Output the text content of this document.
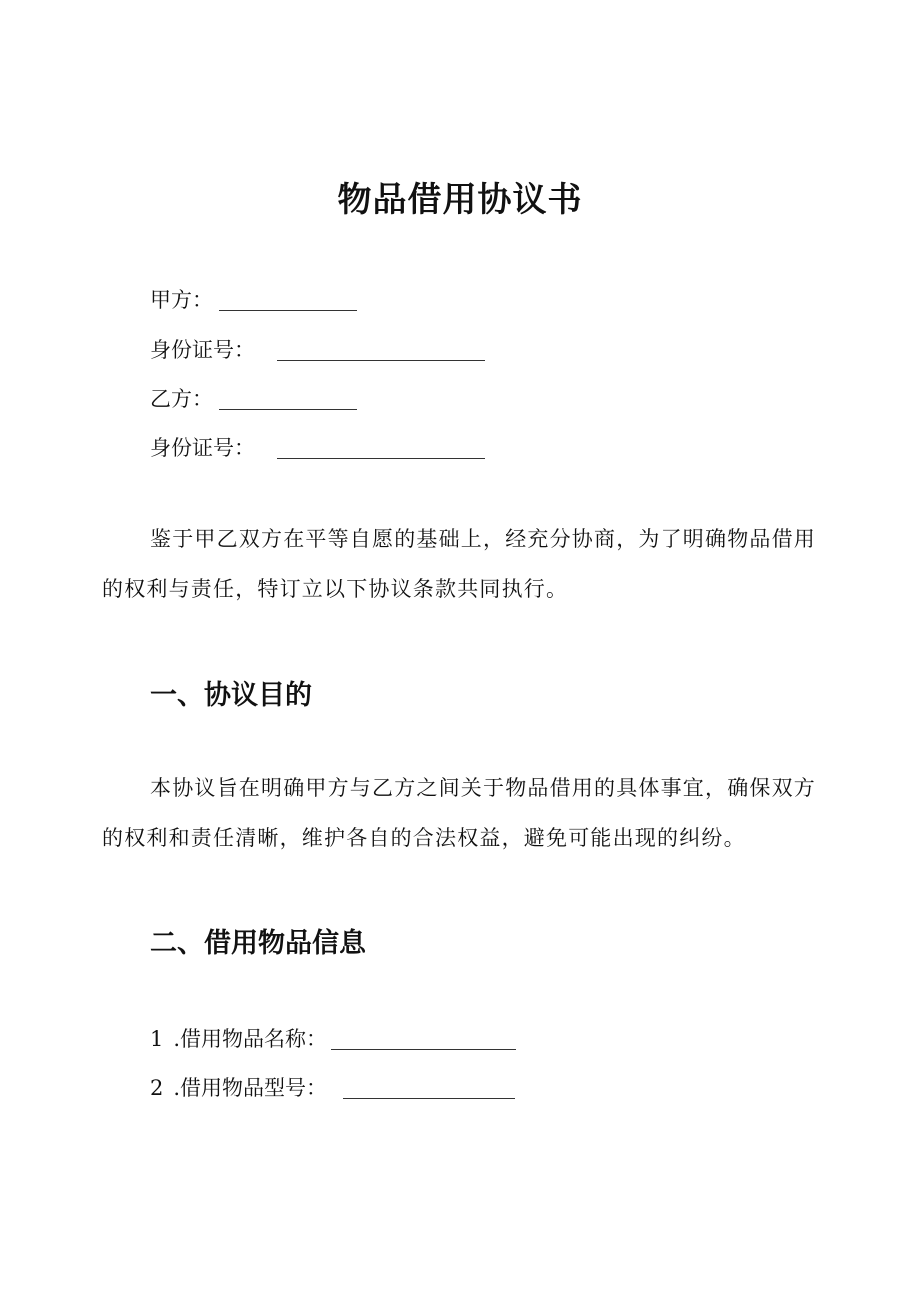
物品借用协议书
甲方：
身份证号：
乙方：
身份证号：

鉴于甲乙双方在平等自愿的基础上，经充分协商，为了明确物品借用的权利与责任，特订立以下协议条款共同执行。

一、协议目的

本协议旨在明确甲方与乙方之间关于物品借用的具体事宜，确保双方的权利和责任清晰，维护各自的合法权益，避免可能出现的纠纷。

二、借用物品信息
1 .借用物品名称：
2 .借用物品型号：
